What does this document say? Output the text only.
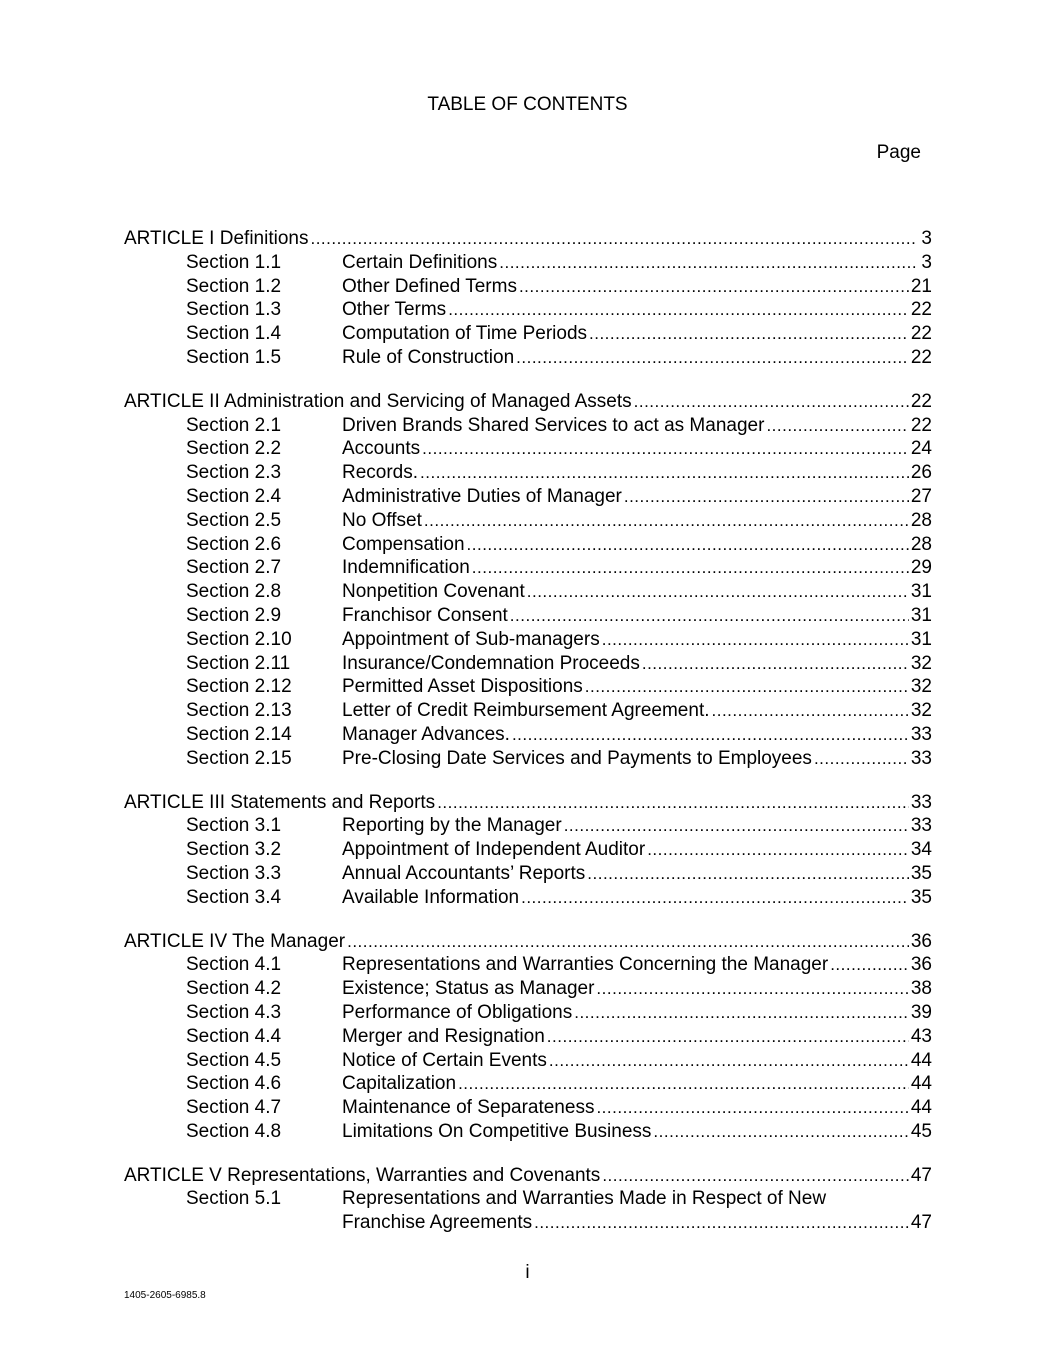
TABLE OF CONTENTS
Page
ARTICLE I Definitions .....	3
Section 1.1	Certain Definitions .....	3
Section 1.2	Other Defined Terms .....	21
Section 1.3	Other Terms .....	22
Section 1.4	Computation of Time Periods .....	22
Section 1.5	Rule of Construction .....	22
ARTICLE II Administration and Servicing of Managed Assets .....	22
Section 2.1	Driven Brands Shared Services to act as Manager .....	22
Section 2.2	Accounts .....	24
Section 2.3	Records. .....	26
Section 2.4	Administrative Duties of Manager .....	27
Section 2.5	No Offset .....	28
Section 2.6	Compensation .....	28
Section 2.7	Indemnification .....	29
Section 2.8	Nonpetition Covenant .....	31
Section 2.9	Franchisor Consent .....	31
Section 2.10	Appointment of Sub-managers .....	31
Section 2.11	Insurance/Condemnation Proceeds .....	32
Section 2.12	Permitted Asset Dispositions .....	32
Section 2.13	Letter of Credit Reimbursement Agreement. .....	32
Section 2.14	Manager Advances. .....	33
Section 2.15	Pre-Closing Date Services and Payments to Employees .....	33
ARTICLE III Statements and Reports .....	33
Section 3.1	Reporting by the Manager .....	33
Section 3.2	Appointment of Independent Auditor .....	34
Section 3.3	Annual Accountants’ Reports .....	35
Section 3.4	Available Information .....	35
ARTICLE IV The Manager .....	36
Section 4.1	Representations and Warranties Concerning the Manager .....	36
Section 4.2	Existence; Status as Manager .....	38
Section 4.3	Performance of Obligations .....	39
Section 4.4	Merger and Resignation .....	43
Section 4.5	Notice of Certain Events .....	44
Section 4.6	Capitalization .....	44
Section 4.7	Maintenance of Separateness .....	44
Section 4.8	Limitations On Competitive Business .....	45
ARTICLE V Representations, Warranties and Covenants .....	47
Section 5.1	Representations and Warranties Made in Respect of New
Franchise Agreements .....	47
i
1405-2605-6985.8
